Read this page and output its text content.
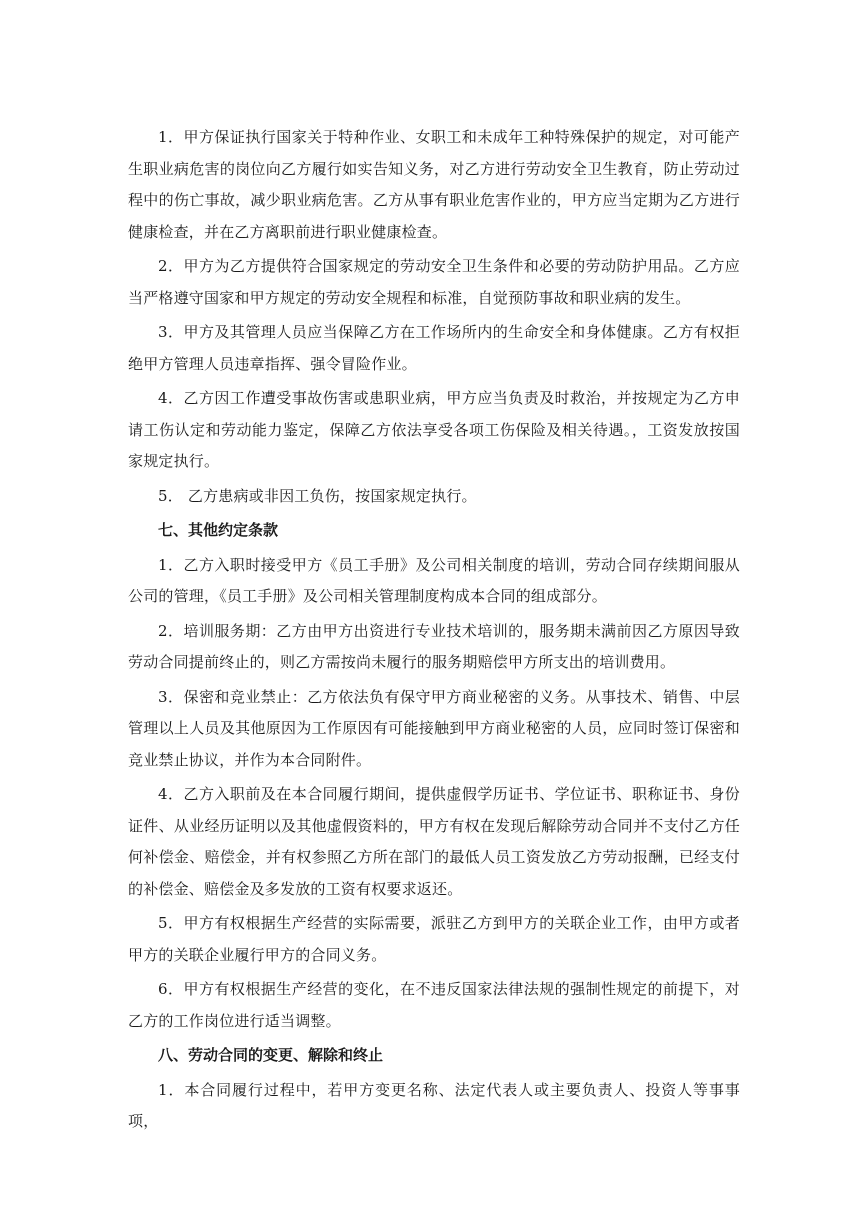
1．甲方保证执行国家关于特种作业、女职工和未成年工种特殊保护的规定，对可能产生职业病危害的岗位向乙方履行如实告知义务，对乙方进行劳动安全卫生教育，防止劳动过程中的伤亡事故，减少职业病危害。乙方从事有职业危害作业的，甲方应当定期为乙方进行健康检查，并在乙方离职前进行职业健康检查。

2．甲方为乙方提供符合国家规定的劳动安全卫生条件和必要的劳动防护用品。乙方应当严格遵守国家和甲方规定的劳动安全规程和标准，自觉预防事故和职业病的发生。

3．甲方及其管理人员应当保障乙方在工作场所内的生命安全和身体健康。乙方有权拒绝甲方管理人员违章指挥、强令冒险作业。

4．乙方因工作遭受事故伤害或患职业病，甲方应当负责及时救治，并按规定为乙方申请工伤认定和劳动能力鉴定，保障乙方依法享受各项工伤保险及相关待遇。，工资发放按国家规定执行。

5． 乙方患病或非因工负伤，按国家规定执行。

七、其他约定条款

1．乙方入职时接受甲方《员工手册》及公司相关制度的培训，劳动合同存续期间服从公司的管理，《员工手册》及公司相关管理制度构成本合同的组成部分。

2．培训服务期：乙方由甲方出资进行专业技术培训的，服务期未满前因乙方原因导致劳动合同提前终止的，则乙方需按尚未履行的服务期赔偿甲方所支出的培训费用。

3．保密和竞业禁止：乙方依法负有保守甲方商业秘密的义务。从事技术、销售、中层管理以上人员及其他原因为工作原因有可能接触到甲方商业秘密的人员，应同时签订保密和竞业禁止协议，并作为本合同附件。

4．乙方入职前及在本合同履行期间，提供虚假学历证书、学位证书、职称证书、身份证件、从业经历证明以及其他虚假资料的，甲方有权在发现后解除劳动合同并不支付乙方任何补偿金、赔偿金，并有权参照乙方所在部门的最低人员工资发放乙方劳动报酬，已经支付的补偿金、赔偿金及多发放的工资有权要求返还。

5．甲方有权根据生产经营的实际需要，派驻乙方到甲方的关联企业工作，由甲方或者甲方的关联企业履行甲方的合同义务。

6．甲方有权根据生产经营的变化，在不违反国家法律法规的强制性规定的前提下，对乙方的工作岗位进行适当调整。

八、劳动合同的变更、解除和终止

1．本合同履行过程中，若甲方变更名称、法定代表人或主要负责人、投资人等事事项，
